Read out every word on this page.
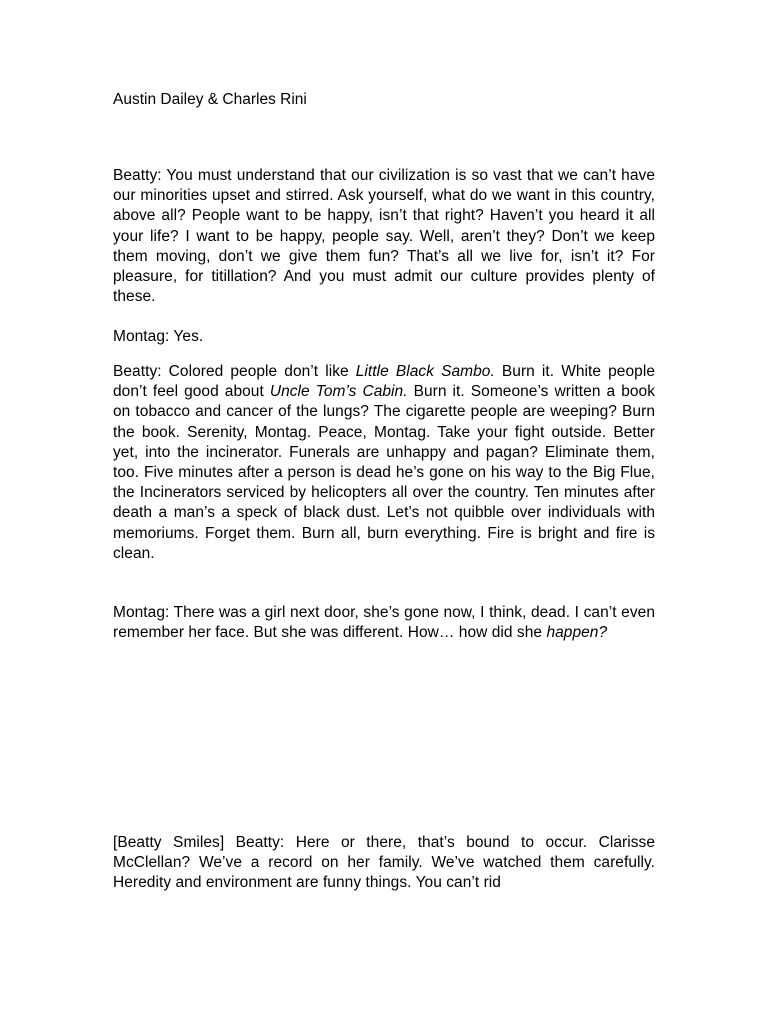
Austin Dailey & Charles Rini

Beatty: You must understand that our civilization is so vast that we can’t have our minorities upset and stirred. Ask yourself, what do we want in this country, above all? People want to be happy, isn’t that right? Haven’t you heard it all your life? I want to be happy, people say. Well, aren’t they? Don’t we keep them moving, don’t we give them fun? That’s all we live for, isn’t it? For pleasure, for titillation? And you must admit our culture provides plenty of these.

Montag: Yes.

Beatty: Colored people don’t like Little Black Sambo. Burn it. White people don’t feel good about Uncle Tom’s Cabin. Burn it. Someone’s written a book on tobacco and cancer of the lungs? The cigarette people are weeping? Burn the book. Serenity, Montag. Peace, Montag. Take your fight outside. Better yet, into the incinerator. Funerals are unhappy and pagan? Eliminate them, too. Five minutes after a person is dead he’s gone on his way to the Big Flue, the Incinerators serviced by helicopters all over the country. Ten minutes after death a man’s a speck of black dust. Let’s not quibble over individuals with memoriums. Forget them. Burn all, burn everything. Fire is bright and fire is clean.

Montag: There was a girl next door, she’s gone now, I think, dead. I can’t even remember her face. But she was different. How… how did she happen?

[Beatty Smiles] Beatty: Here or there, that’s bound to occur. Clarisse McClellan? We’ve a record on her family. We’ve watched them carefully. Heredity and environment are funny things. You can’t rid
